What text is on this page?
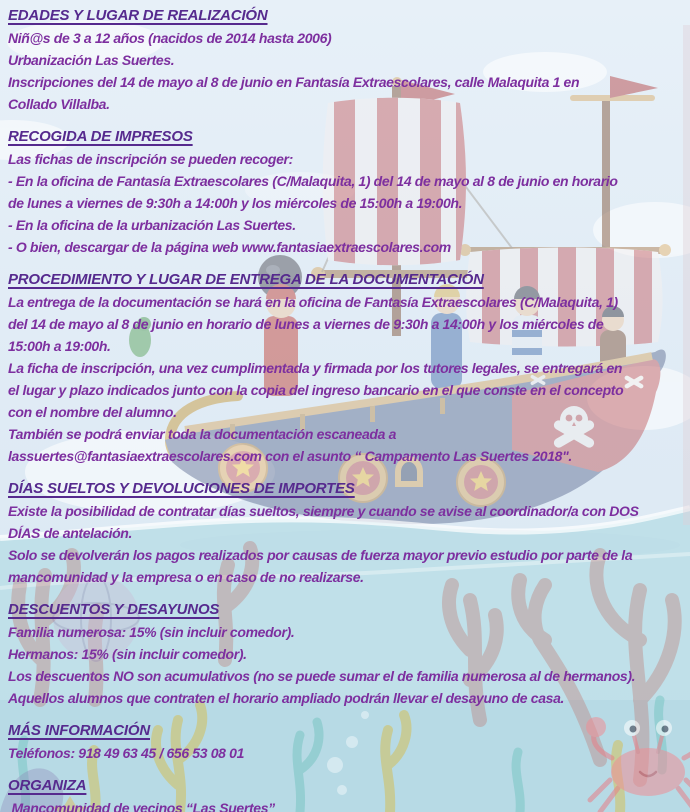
EDADES Y LUGAR DE REALIZACIÓN

Niñ@s de 3 a 12 años (nacidos de 2014 hasta 2006)
Urbanización Las Suertes.
Inscripciones del 14 de mayo al 8 de junio en Fantasía Extraescolares, calle Malaquita 1 en
Collado Villalba.

RECOGIDA DE IMPRESOS

Las fichas de inscripción se pueden recoger:
- En la oficina de Fantasía Extraescolares (C/Malaquita, 1) del 14 de mayo al 8 de junio en horario
de lunes a viernes de 9:30h a 14:00h y los miércoles de 15:00h a 19:00h.
- En la oficina de la urbanización Las Suertes.
- O bien, descargar de la página web www.fantasiaextraescolares.com

PROCEDIMIENTO Y LUGAR DE ENTREGA DE LA DOCUMENTACIÓN

La entrega de la documentación se hará en la oficina de Fantasía Extraescolares (C/Malaquita, 1)
del 14 de mayo al 8 de junio en horario de lunes a viernes de 9:30h a 14:00h y los miércoles de
15:00h a 19:00h.
La ficha de inscripción, una vez cumplimentada y firmada por los tutores legales, se entregará en
el lugar y plazo indicados junto con la copia del ingreso bancario en el que conste en el concepto
con el nombre del alumno.
También se podrá enviar toda la documentación escaneada a
lassuertes@fantasiaextraescolares.com con el asunto “ Campamento Las Suertes 2018".

DÍAS SUELTOS Y DEVOLUCIONES DE IMPORTES

Existe la posibilidad de contratar días sueltos, siempre y cuando se avise al coordinador/a con DOS
DÍAS de antelación.
Solo se devolverán los pagos realizados por causas de fuerza mayor previo estudio por parte de la
mancomunidad y la empresa o en caso de no realizarse.

DESCUENTOS Y DESAYUNOS

Familia numerosa: 15% (sin incluir comedor).
Hermanos: 15% (sin incluir comedor).
Los descuentos NO son acumulativos (no se puede sumar el de familia numerosa al de hermanos).
Aquellos alumnos que contraten el horario ampliado podrán llevar el desayuno de casa.

MÁS INFORMACIÓN

Teléfonos: 918 49 63 45 / 656 53 08 01

ORGANIZA

Mancomunidad de vecinos “Las Suertes”
